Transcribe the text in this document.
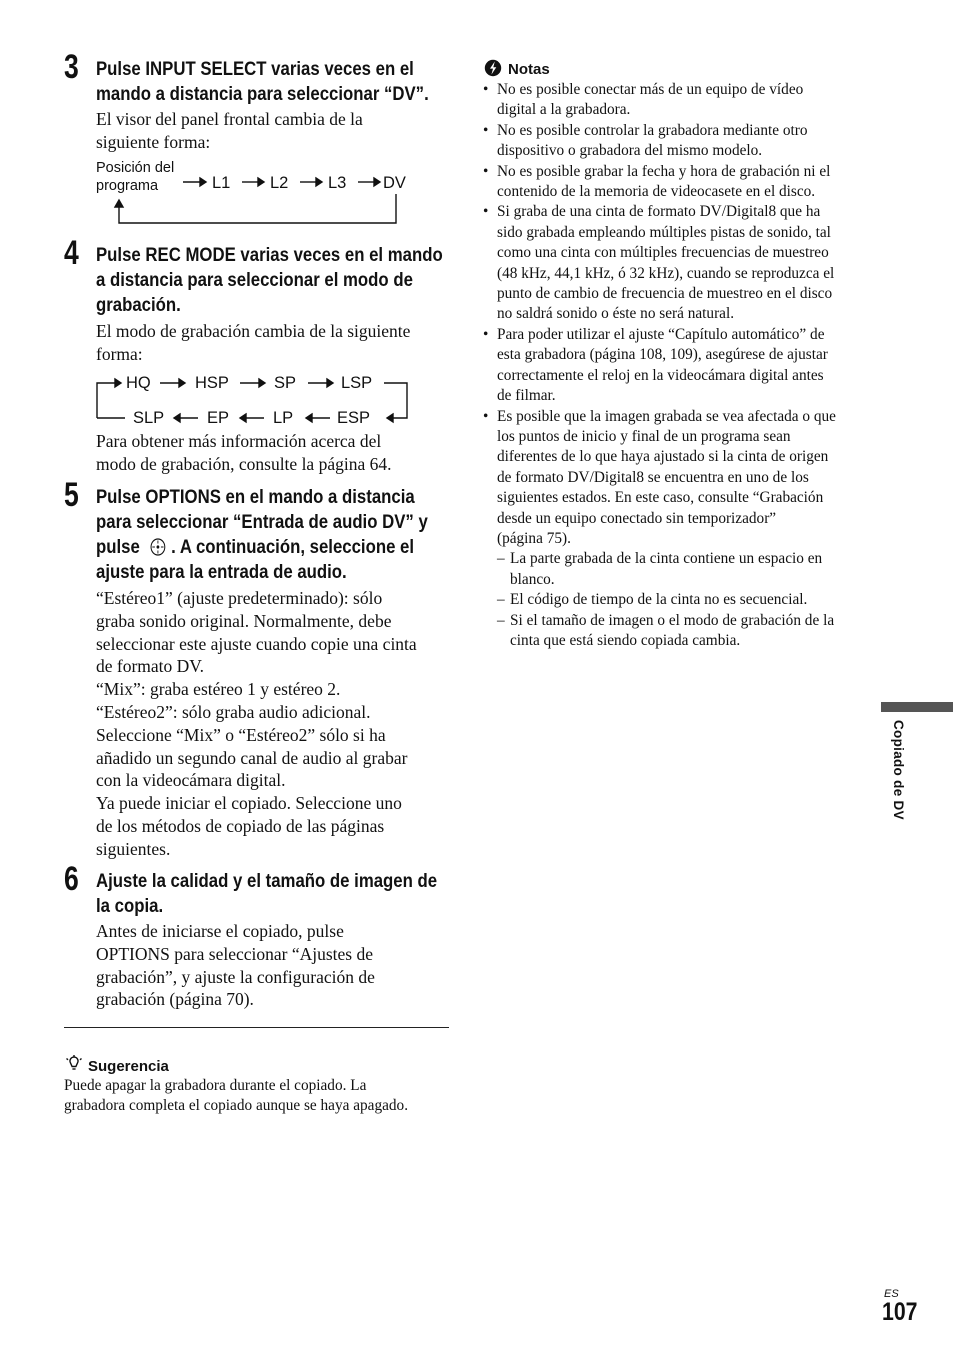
3 Pulse INPUT SELECT varias veces en el
mando a distancia para seleccionar “DV”.

El visor del panel frontal cambia de la

siguiente forma:

Posición del
programa	L1 L2 L3 DV
4 Pulse REC MODE varias veces en el mando
a distancia para seleccionar el modo de
grabación.

El modo de grabación cambia de la siguiente

forma:

HQ	HSP	SP	LSP
SLP	EP	LP	ESP

Para obtener más información acerca del

modo de grabación, consulte la página 64.

5 Pulse OPTIONS en el mando a distancia
para seleccionar “Entrada de audio DV” y
pulse . A continuación, seleccione el
ajuste para la entrada de audio.

“Estéreo1” (ajuste predeterminado): sólo

graba sonido original. Normalmente, debe

seleccionar este ajuste cuando copie una cinta

de formato DV.

“Mix”: graba estéreo 1 y estéreo 2.

“Estéreo2”: sólo graba audio adicional.

Seleccione “Mix” o “Estéreo2” sólo si ha

añadido un segundo canal de audio al grabar

con la videocámara digital.

Ya puede iniciar el copiado. Seleccione uno

de los métodos de copiado de las páginas

siguientes.

6 Ajuste la calidad y el tamaño de imagen de
la copia.

Antes de iniciarse el copiado, pulse

OPTIONS para seleccionar “Ajustes de

grabación”, y ajuste la configuración de

grabación (página 70).

Sugerencia
Puede apagar la grabadora durante el copiado. La
grabadora completa el copiado aunque se haya apagado.
Notas
• No es posible conectar más de un equipo de vídeo
digital a la grabadora.
• No es posible controlar la grabadora mediante otro
dispositivo o grabadora del mismo modelo.
• No es posible grabar la fecha y hora de grabación ni el
contenido de la memoria de videocasete en el disco.
• Si graba de una cinta de formato DV/Digital8 que ha
sido grabada empleando múltiples pistas de sonido, tal
como una cinta con múltiples frecuencias de muestreo
(48 kHz, 44,1 kHz, ó 32 kHz), cuando se reproduzca el
punto de cambio de frecuencia de muestreo en el disco
no saldrá sonido o éste no será natural.
• Para poder utilizar el ajuste “Capítulo automático” de
esta grabadora (página 108, 109), asegúrese de ajustar
correctamente el reloj en la videocámara digital antes
de filmar.
• Es posible que la imagen grabada se vea afectada o que
los puntos de inicio y final de un programa sean
diferentes de lo que haya ajustado si la cinta de origen
de formato DV/Digital8 se encuentra en uno de los
siguientes estados. En este caso, consulte “Grabación
desde un equipo conectado sin temporizador”
(página 75).
– La parte grabada de la cinta contiene un espacio en
blanco.
– El código de tiempo de la cinta no es secuencial.
– Si el tamaño de imagen o el modo de grabación de la
cinta que está siendo copiada cambia.
Copiado de DV
ES
107
